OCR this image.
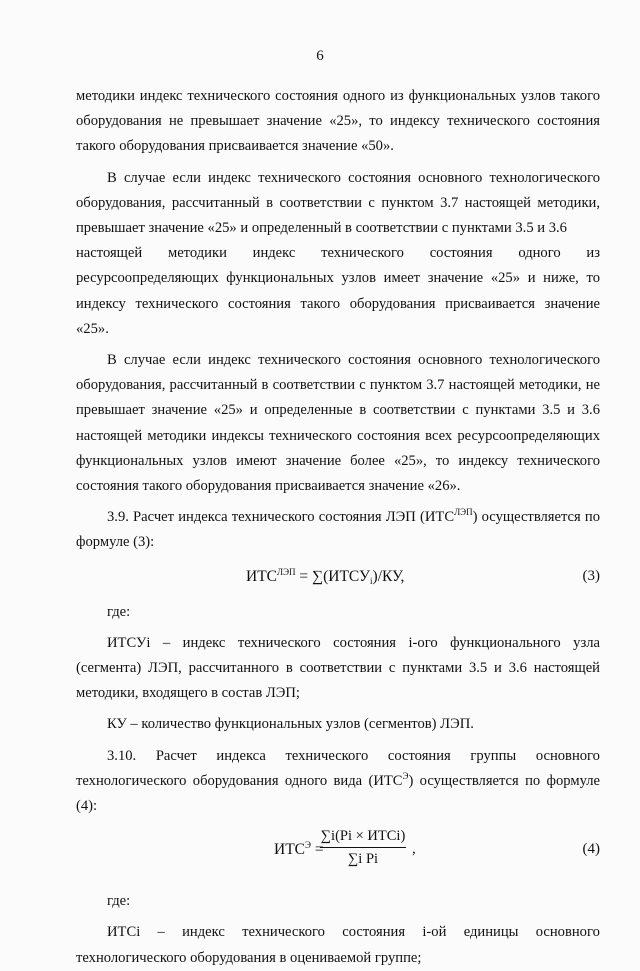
6

методики индекс технического состояния одного из функциональных узлов такого оборудования не превышает значение «25», то индексу технического состояния такого оборудования присваивается значение «50».

В случае если индекс технического состояния основного технологического оборудования, рассчитанный в соответствии с пунктом 3.7 настоящей методики, превышает значение «25» и определенный в соответствии с пунктами 3.5 и 3.6

настоящей методики индекс технического состояния одного из

ресурсоопределяющих функциональных узлов имеет значение «25» и ниже, то индексу технического состояния такого оборудования присваивается значение «25».

В случае если индекс технического состояния основного технологического оборудования, рассчитанный в соответствии с пунктом 3.7 настоящей методики, не превышает значение «25» и определенные в соответствии с пунктами 3.5 и 3.6 настоящей методики индексы технического состояния всех ресурсоопределяющих функциональных узлов имеют значение более «25», то индексу технического состояния такого оборудования присваивается значение «26».

3.9. Расчет индекса технического состояния ЛЭП $(ИТС^{ЛЭП})$ осуществляется по формуле (3):

$ИТС^{ЛЭП}$ = $\sum(ИТСУ_i)/КУ$,	(3)

где:

ИТСУi – индекс технического состояния i-ого функционального узла (сегмента) ЛЭП, рассчитанного в соответствии с пунктами 3.5 и 3.6 настоящей методики, входящего в состав ЛЭП;

КУ – количество функциональных узлов (сегментов) ЛЭП.

3.10. Расчет индекса технического состояния группы основного

технологического оборудования одного вида $(ИТС^Э)$ осуществляется по формуле (4):

$ИТС^Э$ =
∑i(Pi × ИТСi)
∑i Pi
,	(4)

где:

ИТСi – индекс технического состояния i-ой единицы основного

технологического оборудования в оцениваемой группе;
